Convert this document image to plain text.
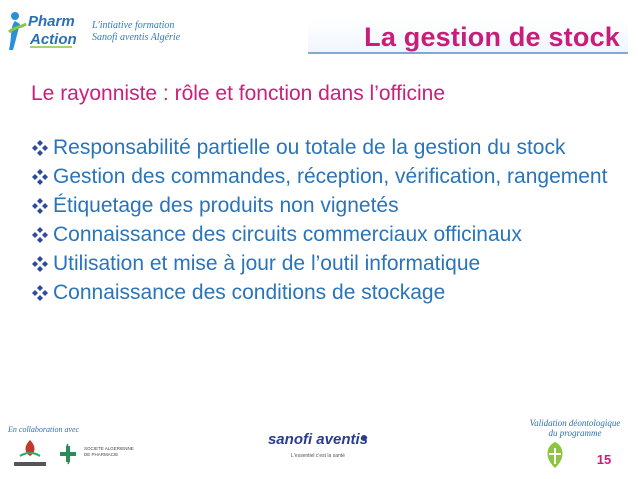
Pharm
Action
L'intiative formation
Sanofi aventis Algérie	La gestion de stock
Le rayonniste : rôle et fonction dans l’officine
Responsabilité partielle ou totale de la gestion du stock
Gestion des commandes, réception, vérification, rangement
Étiquetage des produits non vignetés
Connaissance des circuits commerciaux officinaux
Utilisation et mise à jour de l’outil informatique
Connaissance des conditions de stockage
En collaboration avec
SOCIETE ALGERIENNE
DE PHARMACIE
sanofi aventis
L'essentiel c'est la santé
Validation déontologique
du programme
15
